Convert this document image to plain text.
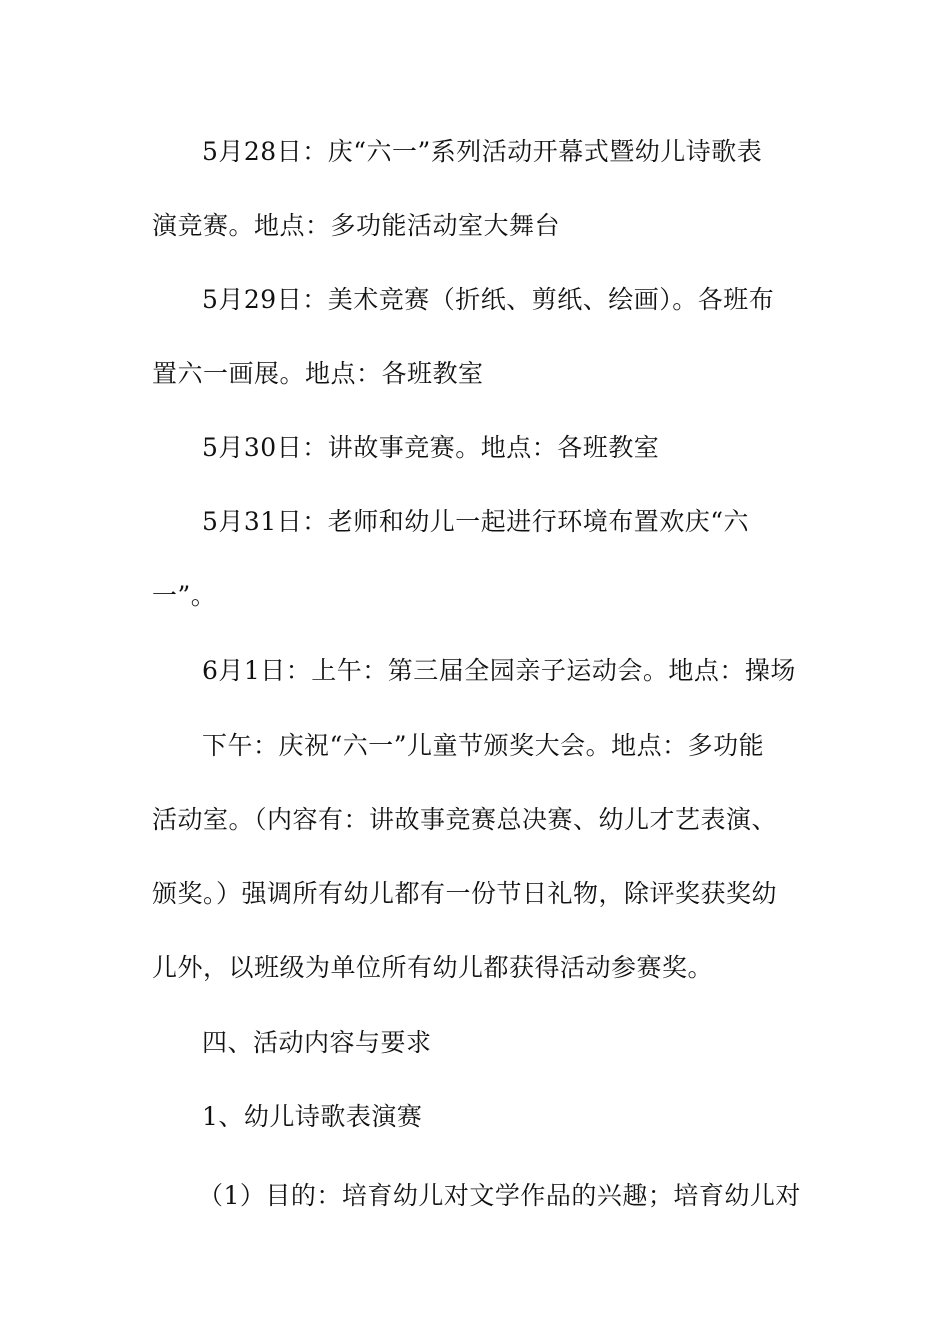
5月28日：庆“六一”系列活动开幕式暨幼儿诗歌表
演竞赛。地点：多功能活动室大舞台
5月29日：美术竞赛（折纸、剪纸、绘画）。各班布
置六一画展。地点：各班教室
5月30日：讲故事竞赛。地点：各班教室
5月31日：老师和幼儿一起进行环境布置欢庆“六
一”。
6月1日：上午：第三届全园亲子运动会。地点：操场
下午：庆祝“六一”儿童节颁奖大会。地点：多功能
活动室。（内容有：讲故事竞赛总决赛、幼儿才艺表演、
颁奖。）强调所有幼儿都有一份节日礼物，除评奖获奖幼
儿外，以班级为单位所有幼儿都获得活动参赛奖。
四、活动内容与要求
1、幼儿诗歌表演赛
（1）目的：培育幼儿对文学作品的兴趣；培育幼儿对
